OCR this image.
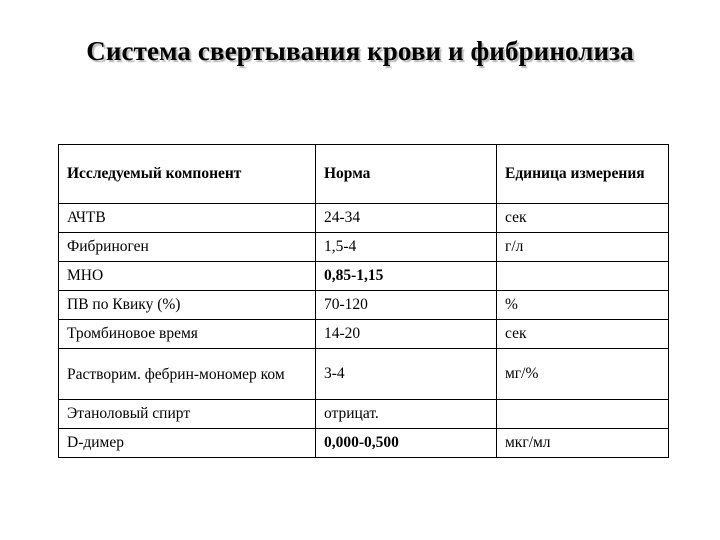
Система свертывания крови и фибринолиза
Исследуемый компонент	Норма	Единица измерения
АЧТВ	24-34	сек
Фибриноген	1,5-4	г/л
МНО	0,85-1,15	
ПВ по Квику (%)	70-120	%
Тромбиновое время	14-20	сек
Растворим. фебрин-мономер ком	3-4	мг/%
Этаноловый спирт	отрицат.	
D-димер	0,000-0,500	мкг/мл
